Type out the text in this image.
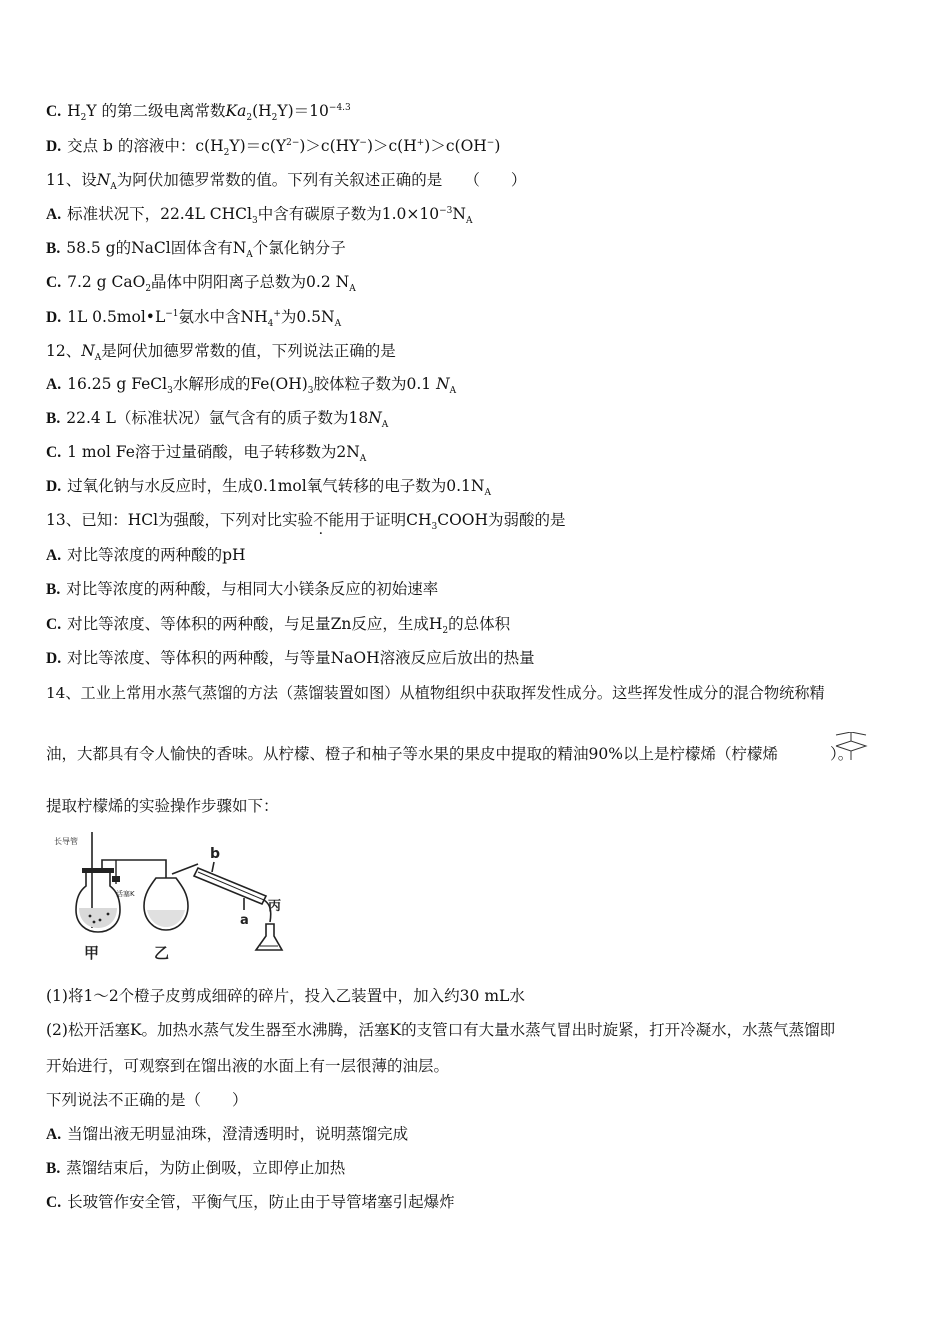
C. $H_2Y$ 的第二级电离常数$Ka_2(H_2Y)=10^{-4.3}$
D. 交点 b 的溶液中：$c(H_2Y)=c(Y^{2-})>c(HY^-)>c(H^+)>c(OH^-)$
11、设$N_A$为阿伏加德罗常数的值。下列有关叙述正确的是 （　　）
A. 标准状况下，22.4L CHCl$_3$中含有碳原子数为$1.0\times 10^{-3}N_A$
B. 58.5 g的NaCl固体含有$N_A$个氯化钠分子
C. 7.2 g CaO$_2$晶体中阴阳离子总数为0.2 $N_A$
D. 1L $0.5mol•L^{-1}$氨水中含$NH_4^+$为$0.5N_A$
12、$N_A$是阿伏加德罗常数的值，下列说法正确的是
A. 16.25 g FeCl$_3$水解形成的$Fe(OH)_3$胶体粒子数为0.1 $N_A$
B. 22.4 L（标准状况）氩气含有的质子数为$18N_A$
C. 1 mol Fe溶于过量硝酸，电子转移数为$2N_A$
D. 过氧化钠与水反应时，生成0.1mol氧气转移的电子数为$0.1N_A$
13、已知：HCl为强酸，下列对比实验不能用于证明$CH_3COOH$为弱酸的是
A. 对比等浓度的两种酸的pH
B. 对比等浓度的两种酸，与相同大小镁条反应的初始速率
C. 对比等浓度、等体积的两种酸，与足量Zn反应，生成$H_2$的总体积
D. 对比等浓度、等体积的两种酸，与等量NaOH溶液反应后放出的热量
14、工业上常用水蒸气蒸馏的方法（蒸馏装置如图）从植物组织中获取挥发性成分。这些挥发性成分的混合物统称精
油，大都具有令人愉快的香味。从柠檬、橙子和柚子等水果的果皮中提取的精油90%以上是柠檬烯（柠檬烯	）。
提取柠檬烯的实验操作步骤如下：
长导管
活塞K
b
a
丙
甲	乙
(1)将1～2个橙子皮剪成细碎的碎片，投入乙装置中，加入约30 mL水
(2)松开活塞K。加热水蒸气发生器至水沸腾，活塞K的支管口有大量水蒸气冒出时旋紧，打开冷凝水，水蒸气蒸馏即
开始进行，可观察到在馏出液的水面上有一层很薄的油层。
下列说法不正确的是（　　）
A. 当馏出液无明显油珠，澄清透明时，说明蒸馏完成
B. 蒸馏结束后，为防止倒吸，立即停止加热
C. 长玻管作安全管，平衡气压，防止由于导管堵塞引起爆炸
